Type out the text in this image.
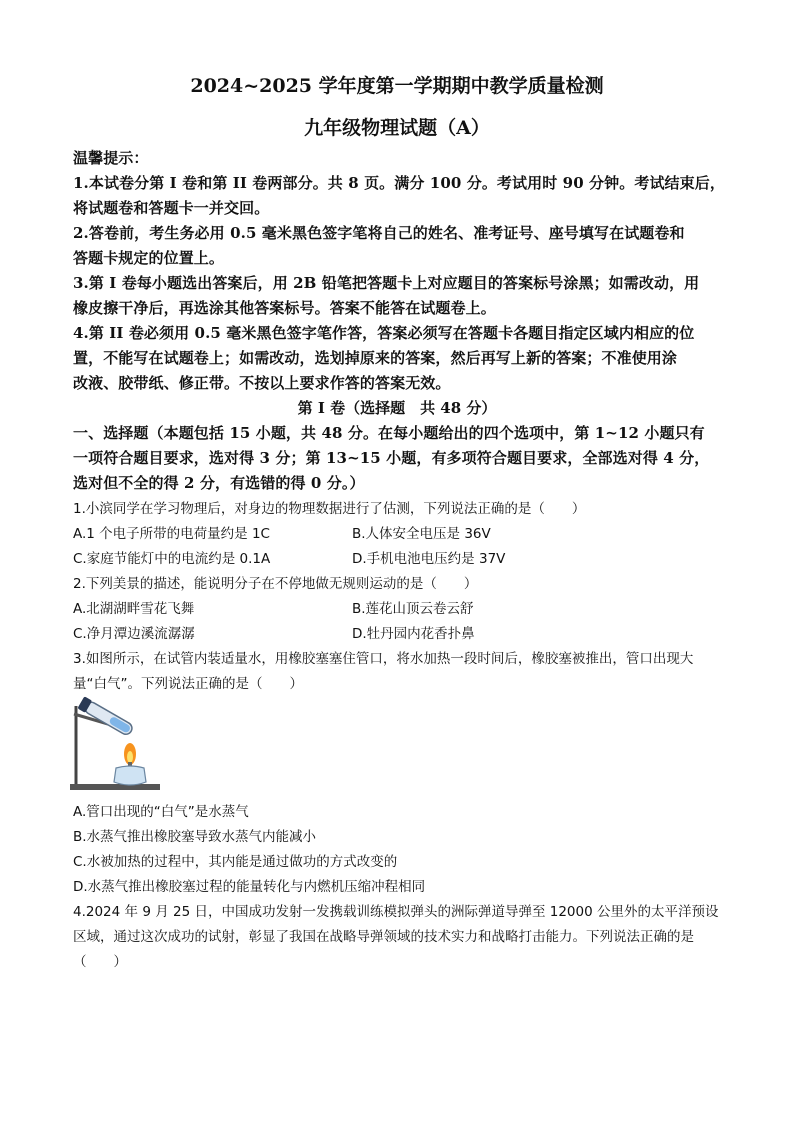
2024~2025 学年度第一学期期中教学质量检测
九年级物理试题（A）
温馨提示：
1.本试卷分第 I 卷和第 II 卷两部分。共 8 页。满分 100 分。考试用时 90 分钟。考试结束后，
将试题卷和答题卡一并交回。
2.答卷前，考生务必用 0.5 毫米黑色签字笔将自己的姓名、准考证号、座号填写在试题卷和
答题卡规定的位置上。
3.第 I 卷每小题选出答案后，用 2B 铅笔把答题卡上对应题目的答案标号涂黑；如需改动，用
橡皮擦干净后，再选涂其他答案标号。答案不能答在试题卷上。
4.第 II 卷必须用 0.5 毫米黑色签字笔作答，答案必须写在答题卡各题目指定区域内相应的位
置，不能写在试题卷上；如需改动，选划掉原来的答案，然后再写上新的答案；不准使用涂
改液、胶带纸、修正带。不按以上要求作答的答案无效。
第 I 卷（选择题　共 48 分）
一、选择题（本题包括 15 小题，共 48 分。在每小题给出的四个选项中，第 1~12 小题只有
一项符合题目要求，选对得 3 分；第 13~15 小题，有多项符合题目要求，全部选对得 4 分，
选对但不全的得 2 分，有选错的得 0 分。）
1.小滨同学在学习物理后，对身边的物理数据进行了估测，下列说法正确的是（　　）
A.1 个电子所带的电荷量约是 1C	B.人体安全电压是 36V
C.家庭节能灯中的电流约是 0.1A	D.手机电池电压约是 37V
2.下列美景的描述，能说明分子在不停地做无规则运动的是（　　）
A.北湖湖畔雪花飞舞	B.莲花山顶云卷云舒
C.净月潭边溪流潺潺	D.牡丹园内花香扑鼻
3.如图所示，在试管内装适量水，用橡胶塞塞住管口，将水加热一段时间后，橡胶塞被推出，管口出现大
量“白气”。下列说法正确的是（　　）
A.管口出现的“白气”是水蒸气
B.水蒸气推出橡胶塞导致水蒸气内能减小
C.水被加热的过程中，其内能是通过做功的方式改变的
D.水蒸气推出橡胶塞过程的能量转化与内燃机压缩冲程相同
4.2024 年 9 月 25 日，中国成功发射一发携载训练模拟弹头的洲际弹道导弹至 12000 公里外的太平洋预设
区域，通过这次成功的试射，彰显了我国在战略导弹领域的技术实力和战略打击能力。下列说法正确的是
（　　）
